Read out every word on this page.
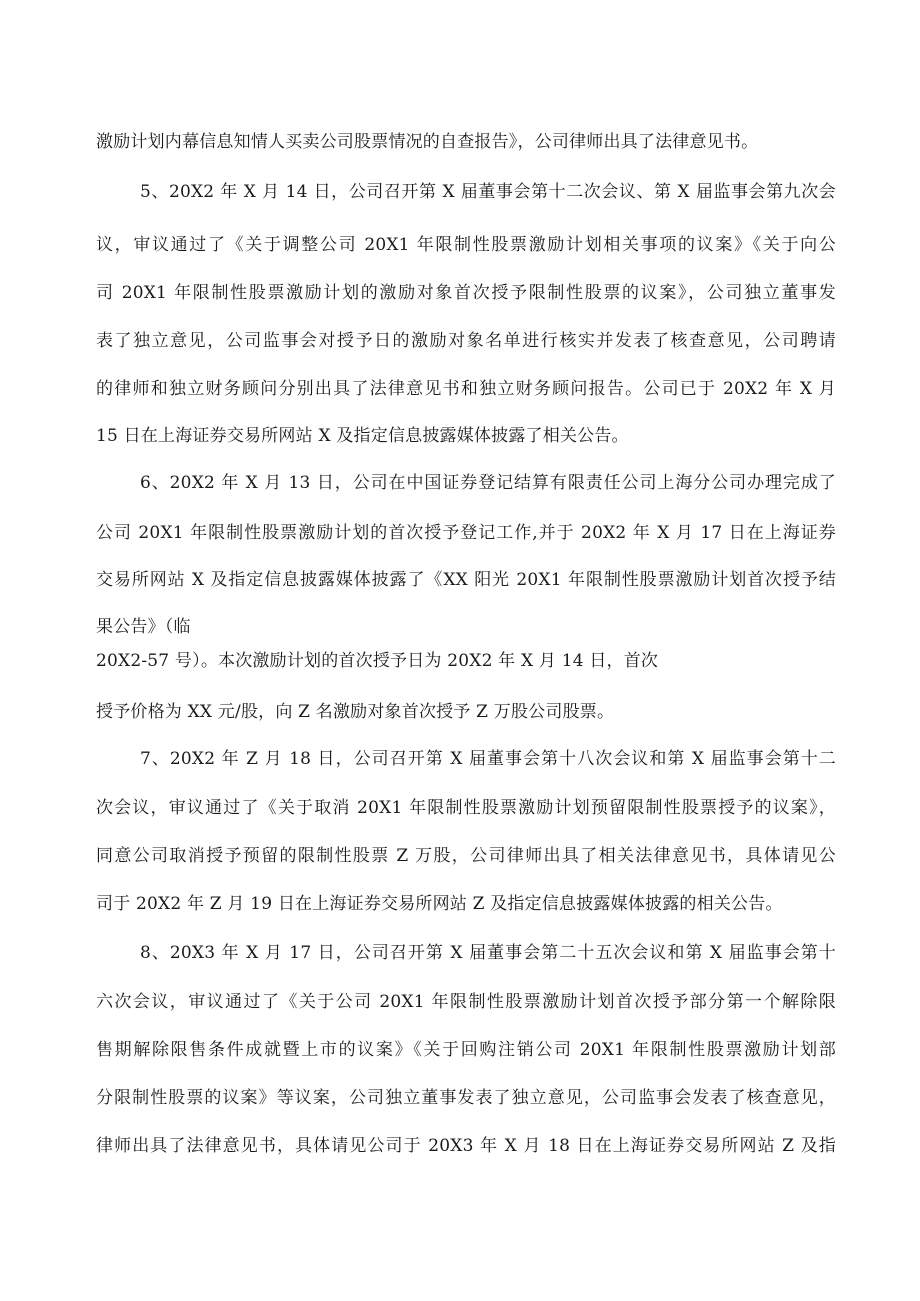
激励计划内幕信息知情人买卖公司股票情况的自查报告》，公司律师出具了法律意见书。
5、20X2 年 X 月 14 日，公司召开第 X 届董事会第十二次会议、第 X 届监事会第九次会
议，审议通过了《关于调整公司 20X1 年限制性股票激励计划相关事项的议案》《关于向公
司 20X1 年限制性股票激励计划的激励对象首次授予限制性股票的议案》，公司独立董事发
表了独立意见，公司监事会对授予日的激励对象名单进行核实并发表了核查意见，公司聘请
的律师和独立财务顾问分别出具了法律意见书和独立财务顾问报告。公司已于 20X2 年 X 月
15 日在上海证券交易所网站 X 及指定信息披露媒体披露了相关公告。
6、20X2 年 X 月 13 日，公司在中国证券登记结算有限责任公司上海分公司办理完成了
公司 20X1 年限制性股票激励计划的首次授予登记工作,并于 20X2 年 X 月 17 日在上海证券
交易所网站 X 及指定信息披露媒体披露了《XX 阳光 20X1 年限制性股票激励计划首次授予结
果公告》（临
20X2-57 号）。本次激励计划的首次授予日为 20X2 年 X 月 14 日，首次
授予价格为 XX 元/股，向 Z 名激励对象首次授予 Z 万股公司股票。
7、20X2 年 Z 月 18 日，公司召开第 X 届董事会第十八次会议和第 X 届监事会第十二
次会议，审议通过了《关于取消 20X1 年限制性股票激励计划预留限制性股票授予的议案》，
同意公司取消授予预留的限制性股票 Z 万股，公司律师出具了相关法律意见书，具体请见公
司于 20X2 年 Z 月 19 日在上海证券交易所网站 Z 及指定信息披露媒体披露的相关公告。
8、20X3 年 X 月 17 日，公司召开第 X 届董事会第二十五次会议和第 X 届监事会第十
六次会议，审议通过了《关于公司 20X1 年限制性股票激励计划首次授予部分第一个解除限
售期解除限售条件成就暨上市的议案》《关于回购注销公司 20X1 年限制性股票激励计划部
分限制性股票的议案》等议案，公司独立董事发表了独立意见，公司监事会发表了核查意见，
律师出具了法律意见书，具体请见公司于 20X3 年 X 月 18 日在上海证券交易所网站 Z 及指
